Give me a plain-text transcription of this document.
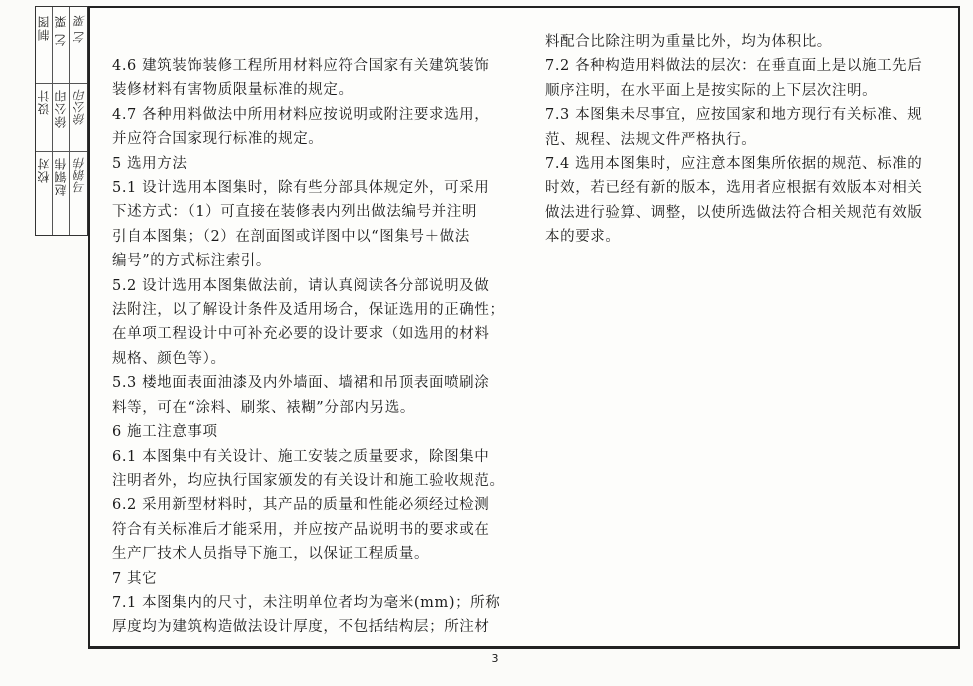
校对
设计
制图
赵钢伟
徐公印
乞 粟
马钢伟
徐公印
乞 粟
4.6 建筑装饰装修工程所用材料应符合国家有关建筑装饰
装修材料有害物质限量标准的规定。
4.7 各种用料做法中所用材料应按说明或附注要求选用，
并应符合国家现行标准的规定。
5 选用方法
5.1 设计选用本图集时，除有些分部具体规定外，可采用
下述方式：（1）可直接在装修表内列出做法编号并注明
引自本图集；（2）在剖面图或详图中以“图集号＋做法
编号”的方式标注索引。
5.2 设计选用本图集做法前，请认真阅读各分部说明及做
法附注，以了解设计条件及适用场合，保证选用的正确性；
在单项工程设计中可补充必要的设计要求（如选用的材料
规格、颜色等）。
5.3 楼地面表面油漆及内外墙面、墙裙和吊顶表面喷刷涂
料等，可在“涂料、刷浆、裱糊”分部内另选。
6 施工注意事项
6.1 本图集中有关设计、施工安装之质量要求，除图集中
注明者外，均应执行国家颁发的有关设计和施工验收规范。
6.2 采用新型材料时，其产品的质量和性能必须经过检测
符合有关标准后才能采用，并应按产品说明书的要求或在
生产厂技术人员指导下施工，以保证工程质量。
7 其它
7.1 本图集内的尺寸，未注明单位者均为毫米(mm)；所称
厚度均为建筑构造做法设计厚度，不包括结构层；所注材
料配合比除注明为重量比外，均为体积比。
7.2 各种构造用料做法的层次：在垂直面上是以施工先后
顺序注明，在水平面上是按实际的上下层次注明。
7.3 本图集未尽事宜，应按国家和地方现行有关标准、规
范、规程、法规文件严格执行。
7.4 选用本图集时，应注意本图集所依据的规范、标准的
时效，若已经有新的版本，选用者应根据有效版本对相关
做法进行验算、调整，以使所选做法符合相关规范有效版
本的要求。
3
